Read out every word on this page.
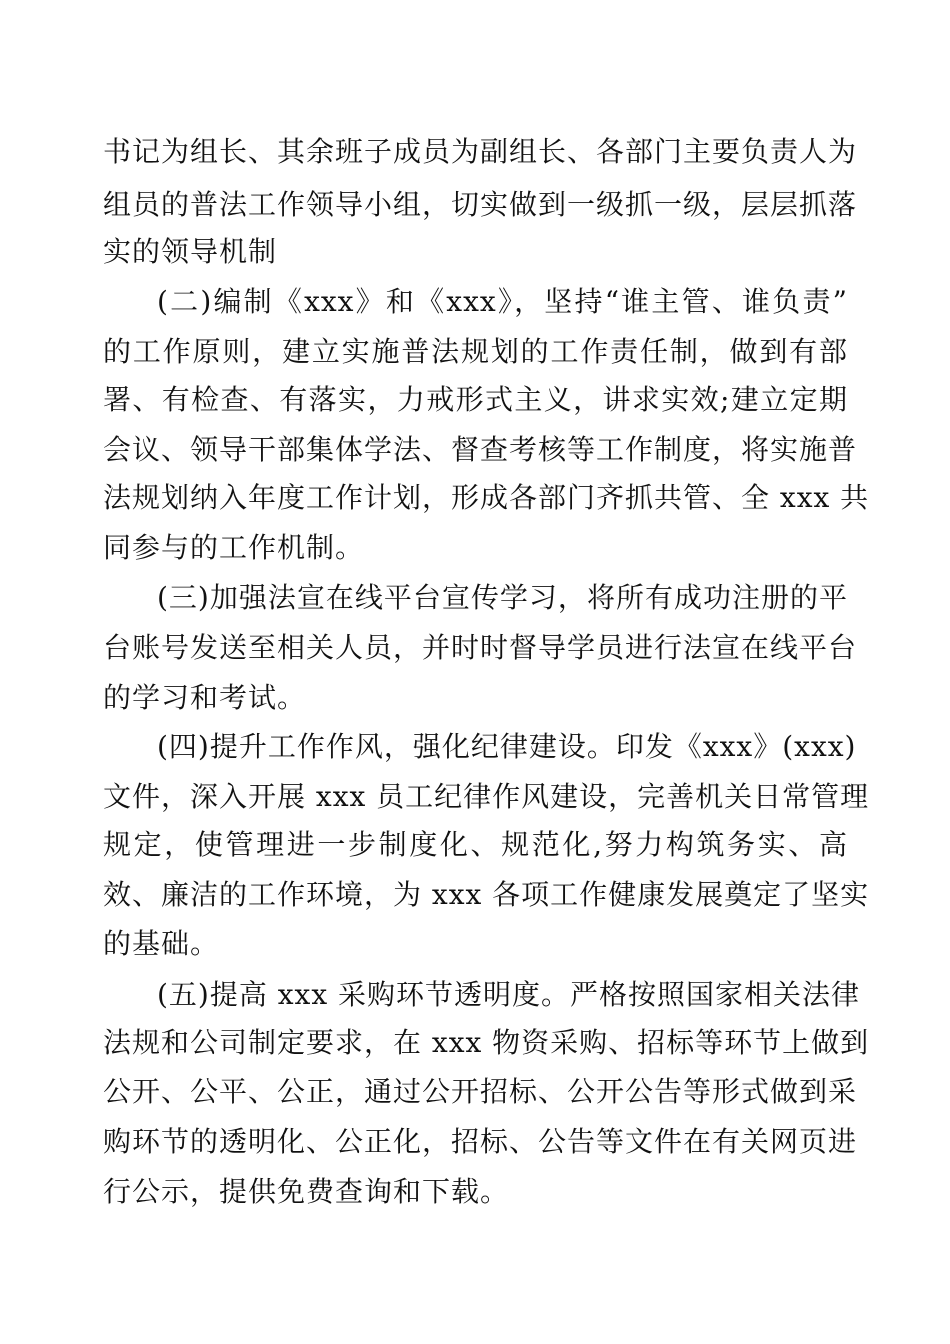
书记为组长、其余班子成员为副组长、各部门主要负责人为
组员的普法工作领导小组，切实做到一级抓一级，层层抓落
实的领导机制
(二)编制《xxx》和《xxx》，坚持“谁主管、谁负责”
的工作原则，建立实施普法规划的工作责任制，做到有部
署、有检查、有落实，力戒形式主义，讲求实效;建立定期
会议、领导干部集体学法、督查考核等工作制度，将实施普
法规划纳入年度工作计划，形成各部门齐抓共管、全 xxx 共
同参与的工作机制。
(三)加强法宣在线平台宣传学习，将所有成功注册的平
台账号发送至相关人员，并时时督导学员进行法宣在线平台
的学习和考试。
(四)提升工作作风，强化纪律建设。印发《xxx》(xxx)
文件，深入开展 xxx 员工纪律作风建设，完善机关日常管理
规定，使管理进一步制度化、规范化,努力构筑务实、高
效、廉洁的工作环境，为 xxx 各项工作健康发展奠定了坚实
的基础。
(五)提高 xxx 采购环节透明度。严格按照国家相关法律
法规和公司制定要求，在 xxx 物资采购、招标等环节上做到
公开、公平、公正，通过公开招标、公开公告等形式做到采
购环节的透明化、公正化，招标、公告等文件在有关网页进
行公示，提供免费查询和下载。
